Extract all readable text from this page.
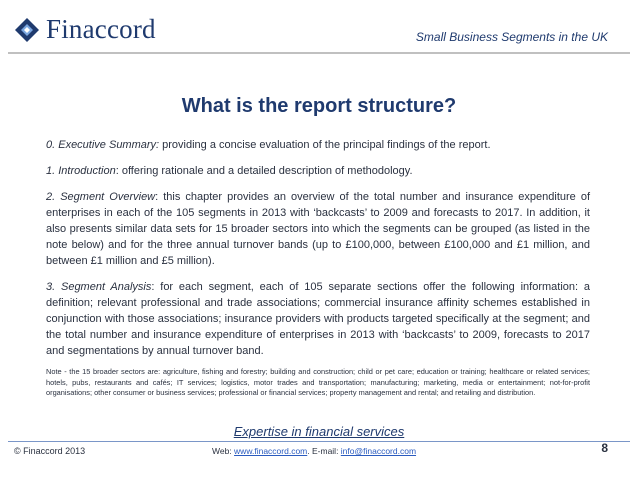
Finaccord	Small Business Segments in the UK
What is the report structure?

0. Executive Summary: providing a concise evaluation of the principal findings of the report.

1. Introduction: offering rationale and a detailed description of methodology.

2. Segment Overview: this chapter provides an overview of the total number and insurance expenditure of enterprises in each of the 105 segments in 2013 with ‘backcasts’ to 2009 and forecasts to 2017. In addition, it also presents similar data sets for 15 broader sectors into which the segments can be grouped (as listed in the note below) and for the three annual turnover bands (up to £100,000, between £100,000 and £1 million, and between £1 million and £5 million).

3. Segment Analysis: for each segment, each of 105 separate sections offer the following information: a definition; relevant professional and trade associations; commercial insurance affinity schemes established in conjunction with those associations; insurance providers with products targeted specifically at the segment; and the total number and insurance expenditure of enterprises in 2013 with ‘backcasts’ to 2009, forecasts to 2017 and segmentations by annual turnover band.

Note - the 15 broader sectors are: agriculture, fishing and forestry; building and construction; child or pet care; education or training; healthcare or related services; hotels, pubs, restaurants and cafés; IT services; logistics, motor trades and transportation; manufacturing; marketing, media or entertainment; not-for-profit organisations; other consumer or business services; professional or financial services; property management and rental; and retailing and distribution.

Expertise in financial services
© Finaccord 2013	Web: www.finaccord.com. E-mail: info@finaccord.com	8
